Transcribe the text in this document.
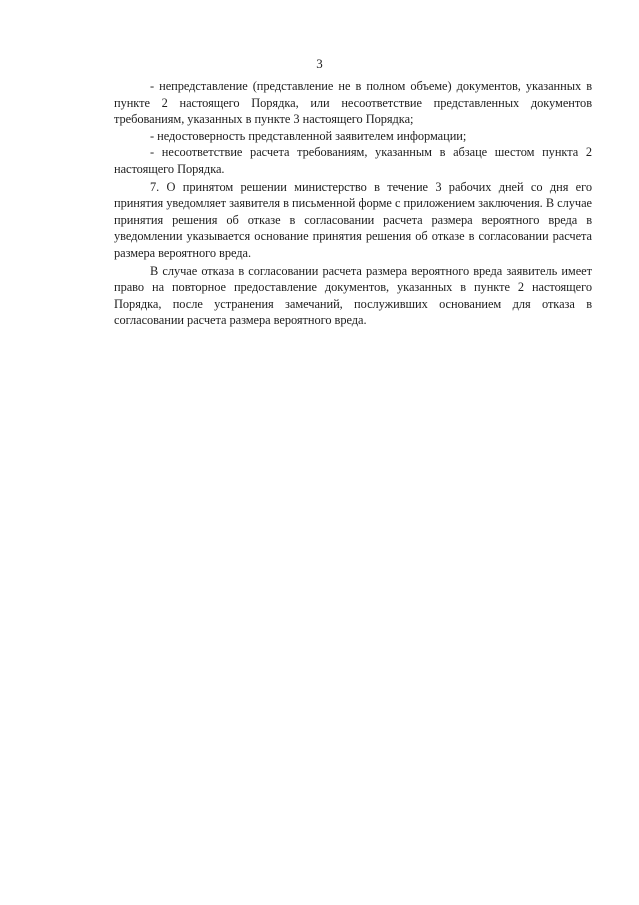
3

- непредставление (представление не в полном объеме) документов, указанных в пункте 2 настоящего Порядка, или несоответствие представленных документов требованиям, указанных в пункте 3 настоящего Порядка;

- недостоверность представленной заявителем информации;

- несоответствие расчета требованиям, указанным в абзаце шестом пункта 2 настоящего Порядка.

7. О принятом решении министерство в течение 3 рабочих дней со дня его принятия уведомляет заявителя в письменной форме с приложением заключения. В случае принятия решения об отказе в согласовании расчета размера вероятного вреда в уведомлении указывается основание принятия решения об отказе в согласовании расчета размера вероятного вреда.

В случае отказа в согласовании расчета размера вероятного вреда заявитель имеет право на повторное предоставление документов, указанных в пункте 2 настоящего Порядка, после устранения замечаний, послуживших основанием для отказа в согласовании расчета размера вероятного вреда.
